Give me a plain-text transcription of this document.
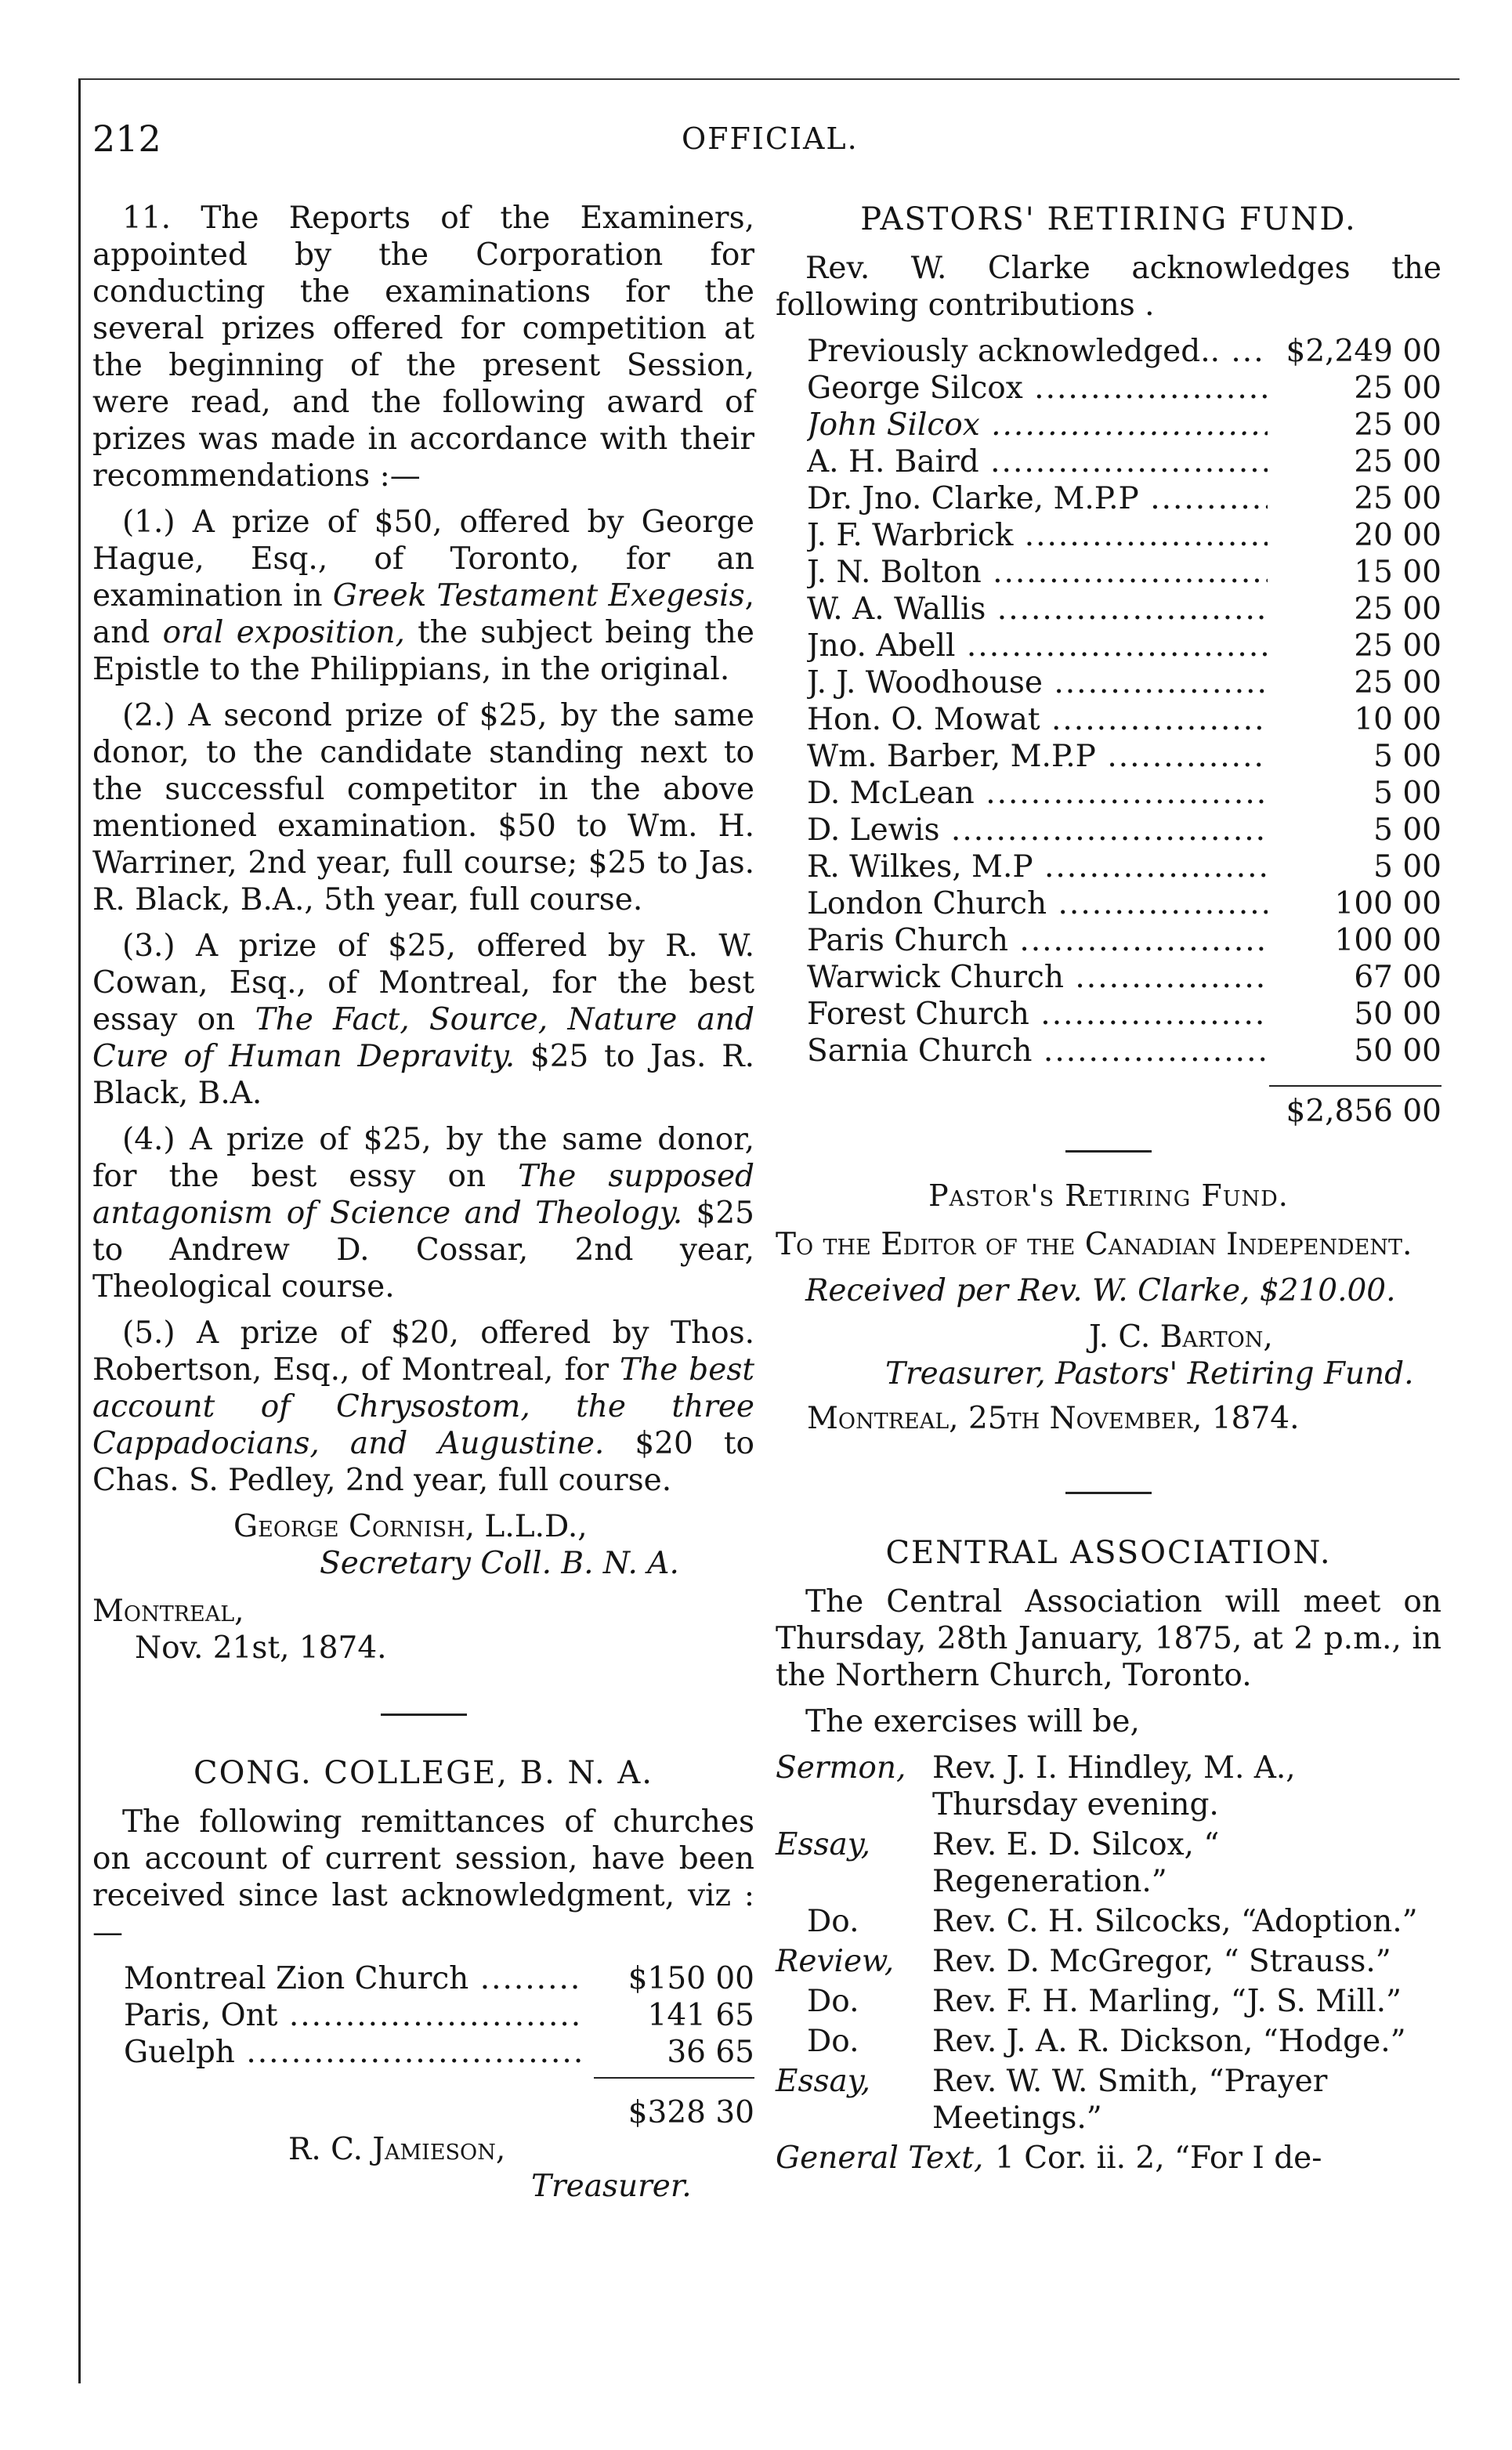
212	OFFICIAL.

11. The Reports of the Examiners, appointed by the Corporation for conducting the examinations for the several prizes offered for competition at the beginning of the present Session, were read, and the following award of prizes was made in accordance with their recommendations :—

(1.) A prize of $50, offered by George Hague, Esq., of Toronto, for an examination in Greek Testament Exegesis, and oral exposition, the subject being the Epistle to the Philippians, in the original.

(2.) A second prize of $25, by the same donor, to the candidate standing next to the successful competitor in the above mentioned examination. $50 to Wm. H. Warriner, 2nd year, full course; $25 to Jas. R. Black, B.A., 5th year, full course.

(3.) A prize of $25, offered by R. W. Cowan, Esq., of Montreal, for the best essay on The Fact, Source, Nature and Cure of Human Depravity. $25 to Jas. R. Black, B.A.

(4.) A prize of $25, by the same donor, for the best essy on The supposed antagonism of Science and Theology. $25 to Andrew D. Cossar, 2nd year, Theological course.

(5.) A prize of $20, offered by Thos. Robertson, Esq., of Montreal, for The best account of Chrysostom, the three Cappadocians, and Augustine. $20 to Chas. S. Pedley, 2nd year, full course.

George Cornish, L.L.D.,
Secretary Coll. B. N. A.
Montreal,
Nov. 21st, 1874.
CONG. COLLEGE, B. N. A.

The following remittances of churches on account of current session, have been received since last acknowledgment, viz :—

Montreal Zion Church .....	$150 00
Paris, Ont .....	141 65
Guelph .....	36 65
$328 30
R. C. Jamieson,
Treasurer.
PASTORS' RETIRING FUND.

Rev. W. Clarke acknowledges the following contributions .

Previously acknowledged.. .....	$2,249 00
George Silcox .....	25 00
John Silcox .....	25 00
A. H. Baird .....	25 00
Dr. Jno. Clarke, M.P.P .....	25 00
J. F. Warbrick .....	20 00
J. N. Bolton .....	15 00
W. A. Wallis .....	25 00
Jno. Abell .....	25 00
J. J. Woodhouse .....	25 00
Hon. O. Mowat .....	10 00
Wm. Barber, M.P.P .....	5 00
D. McLean .....	5 00
D. Lewis .....	5 00
R. Wilkes, M.P .....	5 00
London Church .....	100 00
Paris Church .....	100 00
Warwick Church .....	67 00
Forest Church .....	50 00
Sarnia Church .....	50 00
$2,856 00
Pastor's Retiring Fund.

To the Editor of the Canadian Independent.

Received per Rev. W. Clarke, $210.00.

J. C. Barton,
Treasurer, Pastors' Retiring Fund.
Montreal, 25th November, 1874.
CENTRAL ASSOCIATION.

The Central Association will meet on Thursday, 28th January, 1875, at 2 p.m., in the Northern Church, Toronto.

The exercises will be,

Sermon, Rev. J. I. Hindley, M. A., Thursday evening.
Essay,	Rev. E. D. Silcox, “ Regeneration.”
Do.	Rev. C. H. Silcocks, “Adoption.”
Review,	Rev. D. McGregor, “ Strauss.”
Do.	Rev. F. H. Marling, “J. S. Mill.”
Do.	Rev. J. A. R. Dickson, “Hodge.”
Essay,	Rev. W. W. Smith, “Prayer Meetings.”
General Text, 1 Cor. ii. 2, “For I de-
